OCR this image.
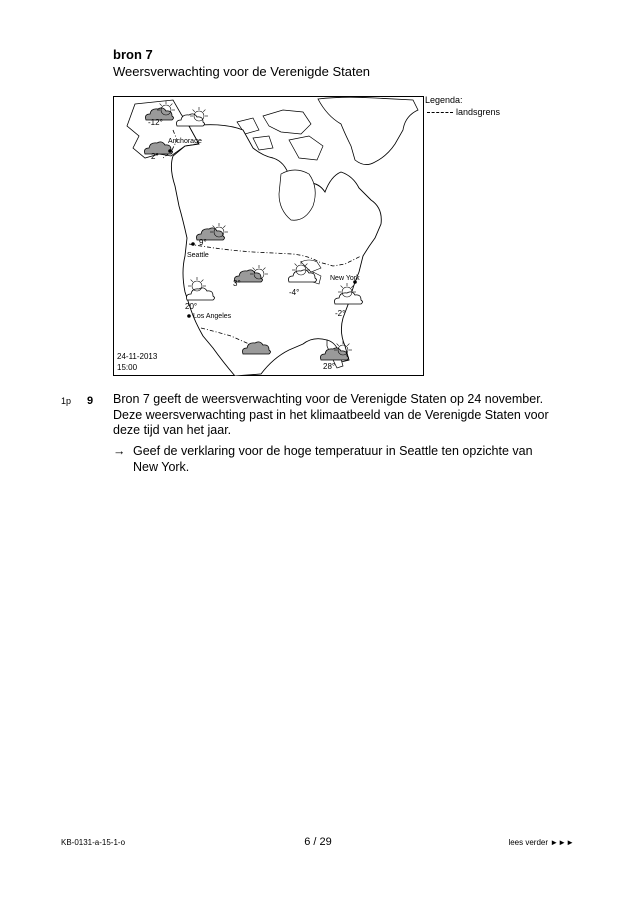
bron 7
Weersverwachting voor de Verenigde Staten
-12°
Anchorage
2°
9°
Seattle
3°
New York
-4°
-2°
20°
Los Angeles
28°
24-11-2013
15:00
Legenda:
landsgrens
1p 9 Bron 7 geeft de weersverwachting voor de Verenigde Staten op 24 november. Deze weersverwachting past in het klimaatbeeld van de Verenigde Staten voor deze tijd van het jaar.
→ Geef de verklaring voor de hoge temperatuur in Seattle ten opzichte van New York.
KB-0131-a-15-1-o	6 / 29	lees verder ►►►
